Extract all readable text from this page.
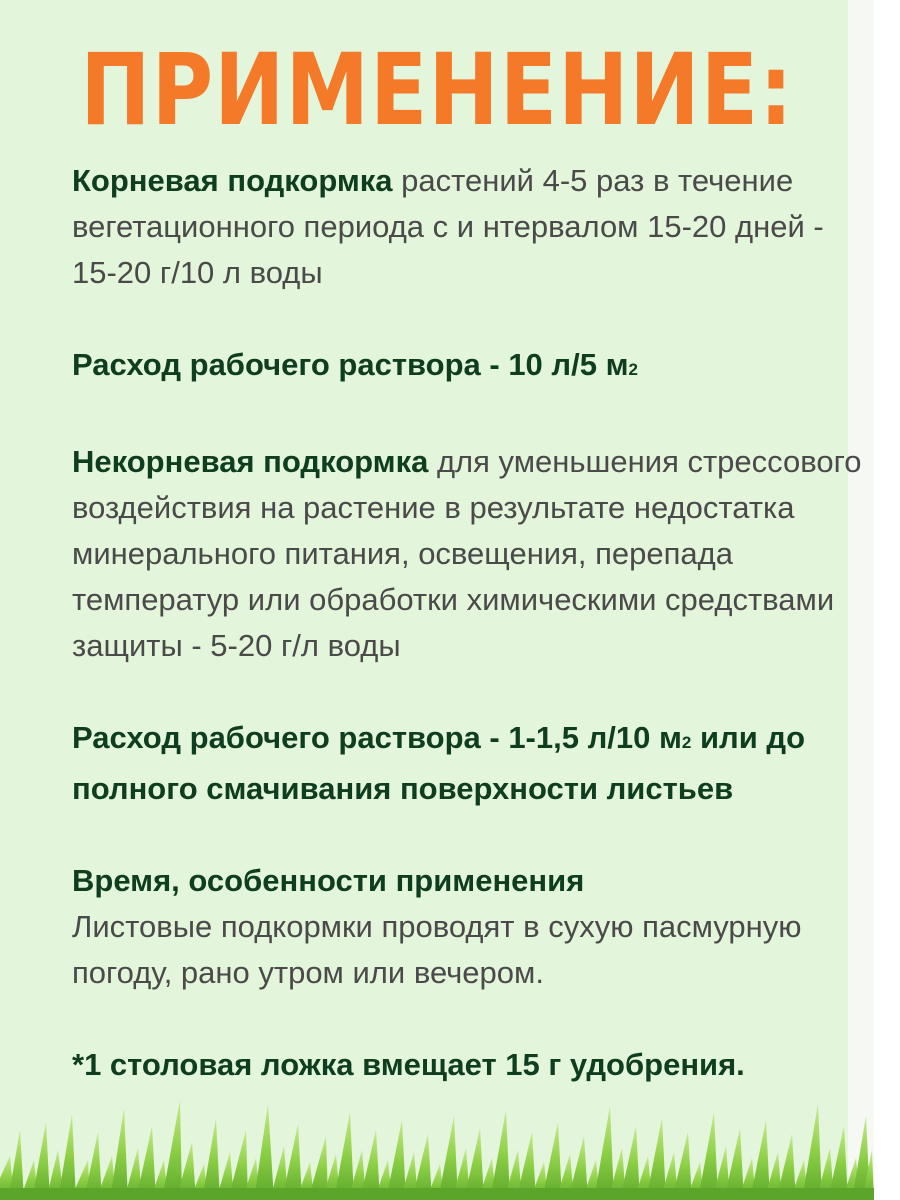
ПРИМЕНЕНИЕ:

Корневая подкормка растений 4-5 раз в течение вегетационного периода с и нтервалом 15-20 дней - 15-20 г/10 л воды

Расход рабочего раствора - 10 л/5 м2

Некорневая подкормка для уменьшения стрессового воздействия на растение в результате недостатка минерального питания, освещения, перепада температур или обработки химическими средствами защиты - 5-20 г/л воды

Расход рабочего раствора - 1-1,5 л/10 м2 или до полного смачивания поверхности листьев

Время, особенности применения
Листовые подкормки проводят в сухую пасмурную погоду, рано утром или вечером.

*1 столовая ложка вмещает 15 г удобрения.
